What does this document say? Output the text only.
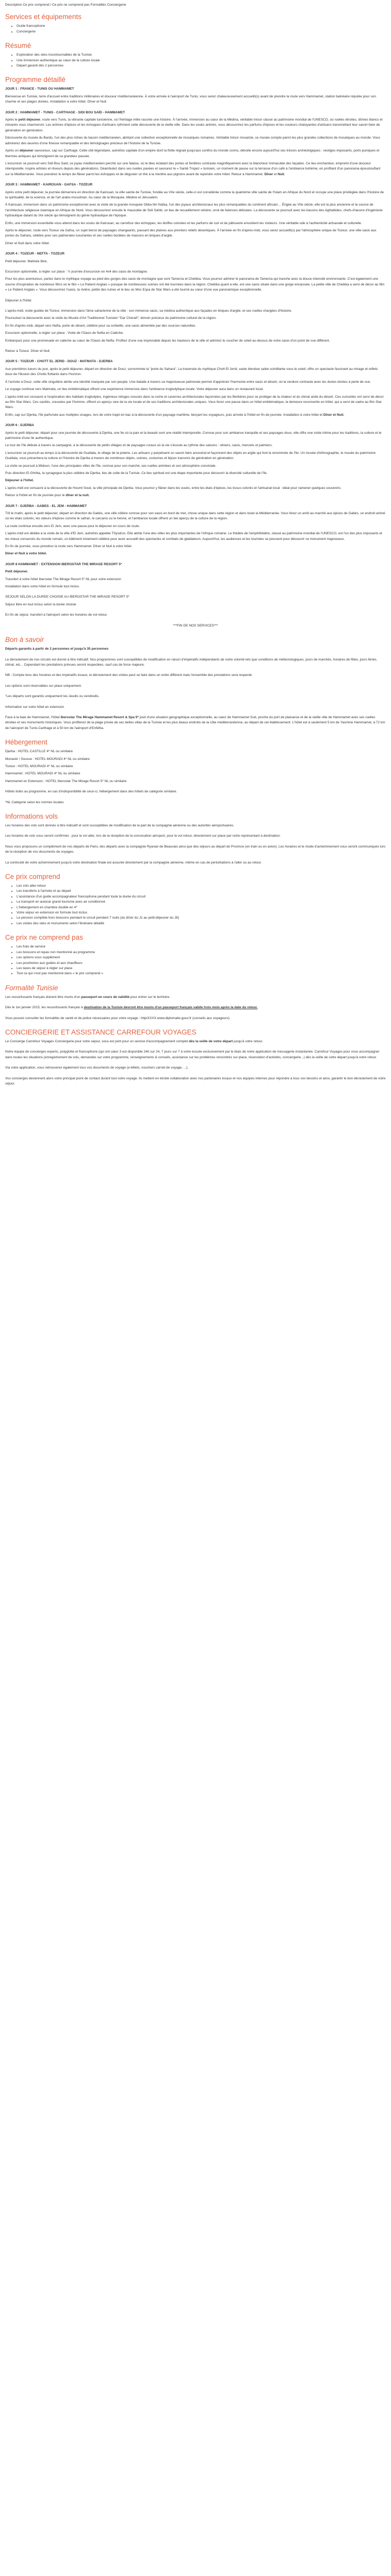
Description Ce prix comprend / Ce prix ne comprend pas Formalités Conciergerie

Services et équipements
• Guide francophone
• Conciergerie
Résumé
• Exploration des sites incontournables de la Tunisie
• Une immersion authentique au cœur de la culture locale
• Départ garanti dès 2 personnes
Programme détaillé

JOUR 1 : FRANCE - TUNIS OU HAMMAMET

Bienvenue en Tunisie, terre d'accueil entre traditions millénaires et douceur méditerranéenne. À votre arrivée à l'aéroport de Tunis, vous serez chaleureusement accueilli(s) avant de prendre la route vers Hammamet, station balnéaire réputée pour son charme et ses plages dorées. Installation à votre hôtel. Dîner et Nuit.

JOUR 2 : HAMMAMET - TUNIS - CARTHAGE - SIDI BOU SAÏD - HAMMAMET

Après le petit déjeuner, route vers Tunis, la vibrante capitale tunisienne, où l'héritage mêle raconte une histoire. À l'arrivée, immersion au cœur de la Médina, véritable trésor classé au patrimoine mondial de l'UNESCO, où ruelles étroites, dômes blancs et minarets vous charmeront. Les arômes d'épices et les échoppes d'artisans rythment cette découverte de la vieille ville. Dans les souks animés, vous découvrirez les parfums d'épices et les couleurs chatoyantes d'artisans transmettant leur savoir-faire de génération en génération.

Découverte du musée du Bardo, l'un des plus riches du bassin méditerranéen, abritant une collection exceptionnelle de mosaïques romaines. Véritable trésor mosaïste, ce musée compte parmi les plus grandes collections de mosaïques au monde. Vous admirerez des œuvres d'une finesse remarquable et des témoignages précieux de l'histoire de la Tunisie.

Après un déjeuner savoureux, cap sur Carthage. Cette cité légendaire, autrefois capitale d'un empire dont la flotte régnait jusqu'aux confins du monde connu, dévoile encore aujourd'hui ses trésors archéologiques : vestiges imposants, ports puniques et thermes antiques qui témoignent de sa grandeur passée.

L'excursion se poursuit vers Sidi Bou Saïd, ce joyau méditerranéen perché sur une falaise, où le bleu éclatant des portes et fenêtres contraste magnifiquement avec la blancheur immaculée des façades. Ce lieu enchanteur, empreint d'une douceur intemporelle, inspire artistes et rêveurs depuis des générations. Déambulez dans ses ruelles pavées et savourez le « Santé Tropez » tunisien, un moment de pause sur la terrasse d'un café à l'ambiance bohème, en profitant d'un panorama époustouflant sur la Méditerranée. Vous prendrez le temps de flâner parmi les échoppes et de déguster un thé à la menthe aux pignons avant de rejoindre votre hôtel. Retour à Hammamet. Dîner et Nuit.

JOUR 3 : HAMMAMET - KAIROUAN - GAFSA - TOZEUR

Après votre petit déjeuner, la journée démarrera en direction de Kairouan, la ville sainte de Tunisie, fondée au VIIe siècle, celle-ci est considérée comme la quatrième ville sainte de l'Islam en Afrique du Nord et occupe une place privilégiée dans l'histoire de la spiritualité, de la science, et de l'art arabo-musulman. Au cœur de la Mosquée, Médine et Jérusalem.

À Kairouan, immersion dans un patrimoine exceptionnel avec la visite de la grande mosquée Okba Ibn Nafaa, l'un des joyaux architecturaux les plus remarquables du continent africain… Érigée au VIIe siècle, elle est la plus ancienne et la source de l'architecture religieuse islamique en Afrique du Nord. Vous découvrirez ensuite le mausolée de Sidi Sahbi, un lieu de recueillement vénéré, orné de faïences délicates. La découverte se poursuit avec les bassins des Aghlabides, chefs-d'œuvre d'ingénierie hydraulique datant du IXe siècle qui témoignent du génie hydraulique de l'époque.

Enfin, une immersion essentielle vous attend dans les souks de Kairouan, au carrefour des échoppes, les étoffes colorées et les parfums de cuir et de pâtisserie envoûtent les visiteurs. Une véritable ode à l'authenticité artisanale et culturelle.

Après le déjeuner, route vers Tozeur via Gafsa, un sujet bercé de paysages changeants, passant des plaines aux premiers reliefs désertiques. À l'arrivée en fin d'après-midi, vous serez accueilli(s) par l'atmosphère unique de Tozeur, une ville oasis aux portes du Sahara, célèbre pour ses palmeraies luxuriantes et ses ruelles bordées de maisons en briques d'argile.

Dîner et Nuit dans votre hôtel.

JOUR 4 : TOZEUR - NEFTA - TOZEUR

Petit déjeuner. Matinée libre.

Excursion optionnelle, à régler sur place : ½ journée d'excursion en 4x4 des oasis de montagne.

Pour les plus aventureux, partez dans le mythique voyage au pied des gorges des oasis de montagne que sont Tamerza et Chebika. Vous pourrez admirer le panorama de Tamerza qui tranche avec la douce intensité environnante. C'est également une source d'inspiration de nombreux films où le film « Le Patient Anglais » puisque de nombreuses scènes ont été tournées dans la région. Chebika quant à elle, est une oasis située dans une gorge encaissée. La petite ville de Chebika a servi de décor au film « Le Patient Anglais ». Vous découvrirez l'oasis, la rivière, petite des ruines et le lieu où Mos Espa de Star Wars a été tourné au cœur d'une vue panoramique exceptionnelle.

Déjeuner à l'hôtel.

L'après-midi, visite guidée de Tozeur, immersion dans l'âme saharienne de la ville : son immense oasis, sa médina authentique aux façades en briques d'argile, et ses ruelles chargées d'histoire.

Poursuivez la découverte avec la visite du Musée d'Art Traditionnel Tunisien "Dar Cheraït", témoin précieux du patrimoine culturel de la région.

En fin d'après-midi, départ vers Nefta, porte du désert, célèbre pour sa corbeille, une oasis alimentée par des sources naturelles.

Excursion optionnelle, à régler sur place : Visite de l'Oasis de Nefta en Calèche.

Embarquez pour une promenade en calèche au cœur de l'Oasis de Nefta. Profitez d'une vue imprenable depuis les hauteurs de la ville et admirez le coucher de soleil au-dessus de votre oasis d'un point de vue différent.

Retour à Tozeur. Dîner et Nuit.

JOUR 5 : TOZEUR - CHOTT EL JERID - DOUZ - MATMATA - DJERBA

Aux premières lueurs du jour, après le petit déjeuner, départ en direction de Douz, surnommée la "porte du Sahara". La traversée du mythique Chott El Jerid, vaste étendue salée scintillante sous le soleil, offre un spectacle fascinant au mirage et reflets doux de l'illusion des Chotts flottants dans l'horizon.

À l'arrivée à Douz, cette ville singulière abrite une identité marquée par son peuple. Une balade à travers sa majestueuse palmeraie permet d'apprécier l'harmonie entre oasis et désert, où la verdure contraste avec les dunes dorées à perte de vue.

Le voyage continue vers Matmata, un lieu emblématique offrant une expérience immersive dans l'ambiance troglodytique locale. Votre déjeuner aura dans un restaurant local.

L'après-midi est consacré à l'exploration des habitats troglodytes, ingénieux refuges creusés dans la roche et cavernes architecturales façonnées par les Berbères pour se protéger de la chaleur et du climat aride du désert. Ces curiosités ont servi de décor au film Star Wars. Ces cavités, creusées par l'homme, offrent un aperçu rare de la vie locale et de ses traditions architecturales uniques. Vous ferez une pause dans un hôtel emblématique, la demeure reconvertie en hôtel, qui a servi de cadre au film Star Wars.

Enfin, cap sur Djerba, l'île parfumée aux multiples visages, lors de votre trajet en bac à la découverte d'un paysage maritime, berçant les voyageurs, puis arrivée à l'hôtel en fin de journée. Installation à votre hôtel et Dîner et Nuit.

JOUR 6 : DJERBA

Après le petit déjeuner, départ pour une journée de découverte à Djerba, une île où la paix et la beauté sont une réalité intemporelle. Connue pour son ambiance tranquille et ses paysages doux, elle offre une visite intime pour les traditions, la culture et le patrimoine d'une île authentique.

Le tour de l'île débute à travers la campagne, à la découverte de petits villages et de paysages ruraux où la vie s'écoule au rythme des saisons : oliviers, oasis, menzels et palmiers.

L'excursion se poursuit au temps à la découverte de Guellala, le village de la poterie. Les artisans y perpétuent un savoir-faire ancestral et façonnent des objets en argile qui font la renommée de l'île. Un musée d'ethnographie, le musée du patrimoine Guellala, vous présentera la culture et l'histoire de Djerba à travers de nombreux objets, scènes, costumes et bijoux transmis de génération en génération.

La visite se poursuit à Midoun, l'une des principales villes de l'île, connue pour son marché, ses ruelles animées et son atmosphère conviviale.

Puis direction El Ghriba, la synagogue la plus célèbre de Djerba, lieu de culte de la Tunisie. Ce lieu spirituel est une étape importante pour découvrir la diversité culturelle de l'île.

Déjeuner à l'hôtel.

L'après-midi est consacré à la découverte de Houmt Souk, la ville principale de Djerba. Vous pourrez y flâner dans les souks, entre les étals d'épices, les tissus colorés et l'artisanat local : idéal pour ramener quelques souvenirs.

Retour à l'hôtel en fin de journée pour le dîner et la nuit.

JOUR 7 : DJERBA - GABES - EL JEM - HAMMAMET

Tôt le matin, après le petit déjeuner, départ en direction de Gabès, une ville côtière connue pour son oasis en bord de mer, chose unique dans cette région et dans toute la Méditerranée. Vous ferez un arrêt au marché aux épices de Gabès, un endroit animé où les étals colorés, les odeurs d'épices comme le safran, le carcanis ou le henné, et l'ambiance locale offrent un bel aperçu de la culture de la région.

La route continue ensuite vers El Jem, avec une pause pour le déjeuner en cours de route.

L'après-midi est dédiée à la visite de la ville d'El Jem, autrefois appelée Thysdrus. Elle abrite l'une des villes les plus importantes de l'Afrique romaine. Le théâtre de l'amphithéâtre, classé au patrimoine mondial de l'UNESCO, est l'un des plus imposants et les mieux conservés du monde romain, un bâtiment tristement célèbre pour avoir accueilli des spectacles et combats de gladiateurs. Aujourd'hui, les audiences et les touristes se pressent pour découvrir ce monument majestueux.

En fin de journée, vous prendrez la route vers Hammamet. Dîner et Nuit à votre hôtel.

Dîner et Nuit à votre hôtel.

JOUR 8 HAMMAMET : EXTENSION IBEROSTAR THE MIRAGE RESORT 5*

Petit déjeuner.

Transfert à votre hôtel Iberostar The Mirage Resort 5* NL pour votre extension

Installation dans votre hôtel en formule tout inclus.

SEJOUR SELON LA DUREE CHOISIE AU IBEROSTAR THE MIRAGE RESORT 5*

Séjour libre en tout inclus selon la durée choisie

En fin de séjour, transfert à l'aéroport selon les horaires de vol retour.

***FIN DE NOS SERVICES***

Bon à savoir

Départs garantis à partir de 2 personnes et jusqu'à 35 personnes

Le déroulement de nos circuits est donné à titre indicatif. Nos programmes sont susceptibles de modification en raison d'impératifs indépendants de notre volonté tels que conditions de météorologiques, jours de marchés, horaires de fêtes, jours fériés, climat, etc... Cependant les prestations prévues seront respectées, sauf cas de force majeure.

NB : Compte tenu des horaires et des impératifs locaux, le déroulement des visites peut se faire dans un ordre différent mais l'ensemble des prestations sera respecté.

Les options sont réservables sur place uniquement.

"Les départs sont garantis uniquement les Jeudis ou vendredis.

Information sur votre hôtel en extension

Face à la baie de Hammamet, l'hôtel Iberostar The Mirage Hammamet Resort & Spa 5* jouit d'une situation géographique exceptionnelle, au cœur de Hammamet Sud, proche du port de plaisance et de la vieille ville de Hammamet avec ses ruelles étroites et ses monuments historiques. Vous profiterez de la plage privée de ses belles villas de la Tunisie et les plus beaux endroits de la côte méditerranéenne, au départ de cet établissement. L'hôtel est à seulement 5 km de Yasmine Hammamet, à 72 km de l'aéroport de Tunis-Carthage et à 50 km de l'aéroport d'Enfidha.

Hébergement

Djerba : HOTEL CASTILLE 4* NL ou similaire

Monastir / Sousse : HOTEL MOURADI 4* NL ou similaire

Tozeur : HOTEL MOURADI 4* NL ou similaire

Hammamet : HOTEL MOURADI 4* NL ou similaire

Hammamet en Extension : HOTEL Iberostar The Mirage Resort 5* NL ou similaire

Hôtels listés au programme, en cas d'indisponibilité de ceux-ci, hébergement dans des hôtels de catégorie similaire.

*NL Catégorie selon les normes locales

Informations vols

Les horaires des vols sont donnés à titre indicatif et sont susceptibles de modification de la part de la compagnie aérienne ou des autorités aéroportuaires.

Les horaires de vols vous seront confirmés : pour le vol aller, lors de la réception de la convocation aéroport, pour le vol retour, directement sur place par notre représentant à destination.

Nous vous proposons un complément de nos départs de Paris, des départs avec la compagnie Ryanair de Beauvais ainsi que des séjours au départ de Province (en train ou en avion). Les horaires et le mode d'acheminement vous seront communiqués lors de la réception de vos documents de voyages.

La continuité de votre acheminement jusqu'à votre destination finale est assurée directement par la compagnie aérienne, même en cas de perturbations à l'aller ou au retour.

Ce prix comprend
• Les vols aller-retour
• Les transferts à l'arrivée et au départ
• L'assistance d'un guide accompagnateur francophone pendant toute la durée du circuit
• Le transport en autocar grand tourisme avec air conditionné
• L'hébergement en chambre double en 4*
• Votre séjour en extension en formule tout inclus
• Le pension complète hors boissons pendant le circuit pendant 7 nuits (du dîner du J1 au petit-déjeuner du J8)
• Les visites des sites et monuments selon l'itinéraire détaillé
Ce prix ne comprend pas
• Les frais de service
• Les boissons et repas non mentionné au programme
• Les options sous supplément
• Les pourboires aux guides et aux chauffeurs
• Les taxes de séjour à régler sur place
• Tout ce qui n'est pas mentionné dans « le prix comprend »
Formalité Tunisie

Les ressortissants français doivent être munis d'un passeport en cours de validité pour entrer sur le territoire.

Dès le 1er janvier 2015, les ressortissants français à destination de la Tunisie devront être munis d'un passeport français valide trois mois après la date du retour.

Vous pouvez consulter les formalités de santé et de police nécessaires pour votre voyage : http/XXXX.www.diplomatie.gouv.fr (conseils aux voyageurs)

CONCIERGERIE ET ASSISTANCE CARREFOUR VOYAGES

Le Concierge Carrefour Voyages Conciergerie pour votre séjour, vous est joint pour un service d'accompagnement complet dès la veille de votre départ jusqu'à votre retour.

Notre équipe de concierges experts, polyglotte et francophone (qui ont cœur 3 est disponible 24h sur 24, 7 jours sur 7 à votre écoute exclusivement par le biais de notre application de messagerie instantanée. Carrefour Voyages pour vous accompagner dans toutes les situations (enregistrement de vols, demandes sur votre programme, renseignements & conseils, assistance sur les problèmes rencontrés sur place, réservation d'activités, conciergerie...) dès la veille de votre départ jusqu'à votre retour.

Via votre application, vous retrouverez également tous vos documents de voyage (e-billets, vouchers carnet de voyage, ...).

Vos concierges deviennent alors votre principal point de contact durant tout votre voyage. Ils mettent en étroite collaboration avec nos partenaires locaux et nos équipes internes pour répondre à tous vos besoins et ainsi, garantir le bon déroulement de votre séjour.
